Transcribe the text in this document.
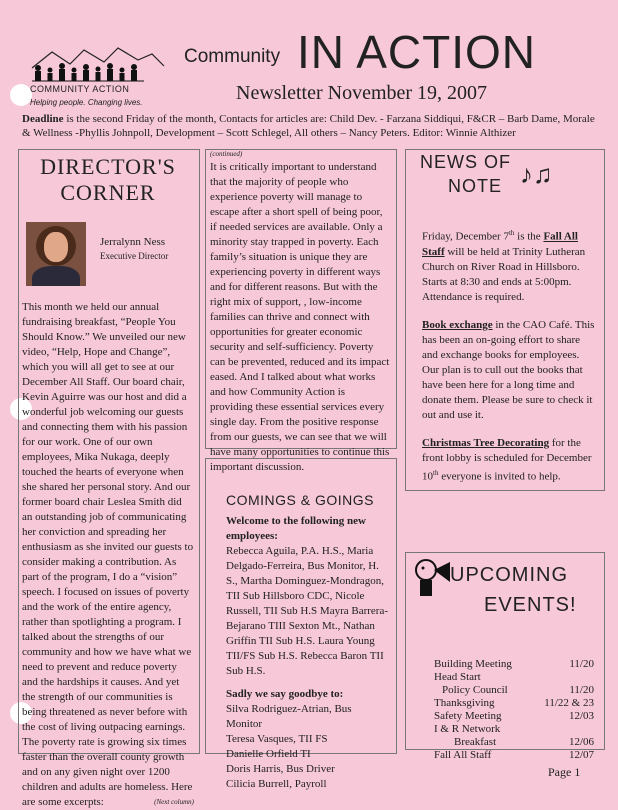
COMMUNITY ACTION
Helping people. Changing lives.
Community IN ACTION
Newsletter November 19, 2007
Deadline is the second Friday of the month, Contacts for articles are: Child Dev. - Farzana Siddiqui, F&CR – Barb Dame, Morale & Wellness -Phyllis Johnpoll, Development – Scott Schlegel, All others – Nancy Peters. Editor: Winnie Althizer
DIRECTOR'S
CORNER
Jerralynn Ness
Executive Director
This month we held our annual fundraising breakfast, “People You Should Know.” We unveiled our new video, “Help, Hope and Change”, which you will all get to see at our December All Staff. Our board chair, Kevin Aguirre was our host and did a wonderful job welcoming our guests and connecting them with his passion for our work. One of our own employees, Mika Nukaga, deeply touched the hearts of everyone when she shared her personal story. And our former board chair Leslea Smith did an outstanding job of communicating her conviction and spreading her enthusiasm as she invited our guests to consider making a contribution. As part of the program, I do a “vision” speech. I focused on issues of poverty and the work of the entire agency, rather than spotlighting a program. I talked about the strengths of our community and how we have what we need to prevent and reduce poverty and the hardships it causes. And yet the strength of our communities is being threatened as never before with the cost of living outpacing earnings. The poverty rate is growing six times faster than the overall county growth and on any given night over 1200 children and adults are homeless. Here are some excerpts:	(Next column)
(continued)
It is critically important to understand that the majority of people who experience poverty will manage to escape after a short spell of being poor, if needed services are available. Only a minority stay trapped in poverty. Each family’s situation is unique they are experiencing poverty in different ways and for different reasons. But with the right mix of support, , low-income families can thrive and connect with opportunities for greater economic security and self-sufficiency. Poverty can be prevented, reduced and its impact eased. And I talked about what works and how Community Action is providing these essential services every single day. From the positive response from our guests, we can see that we will have many opportunities to continue this important discussion.
NEWS OF
NOTE ♪♫

Friday, December 7th is the Fall All Staff will be held at Trinity Lutheran Church on River Road in Hillsboro. Starts at 8:30 and ends at 5:00pm. Attendance is required.

Book exchange in the CAO Café. This has been an on-going effort to share and exchange books for employees. Our plan is to cull out the books that have been here for a long time and donate them. Please be sure to check it out and use it.

Christmas Tree Decorating for the front lobby is scheduled for December 10th everyone is invited to help.

COMINGS & GOINGS
Welcome to the following new employees:
Rebecca Aguila, P.A. H.S., Maria Delgado-Ferreira, Bus Monitor, H. S., Martha Dominguez-Mondragon, TII Sub Hillsboro CDC, Nicole Russell, TII Sub H.S Mayra Barrera-Bejarano TIII Sexton Mt., Nathan Griffin TII Sub H.S. Laura Young TII/FS Sub H.S. Rebecca Baron TII Sub H.S.
Sadly we say goodbye to:
Silva Rodriguez-Atrian, Bus Monitor
Teresa Vasques, TII FS
Danielle Orfield TI
Doris Harris, Bus Driver
Cilicia Burrell, Payroll
UPCOMING
EVENTS!
Building Meeting	11/20
Head Start
Policy Council	11/20
Thanksgiving	11/22 & 23
Safety Meeting	12/03
I & R Network
Breakfast	12/06
Fall All Staff	12/07
Page 1
